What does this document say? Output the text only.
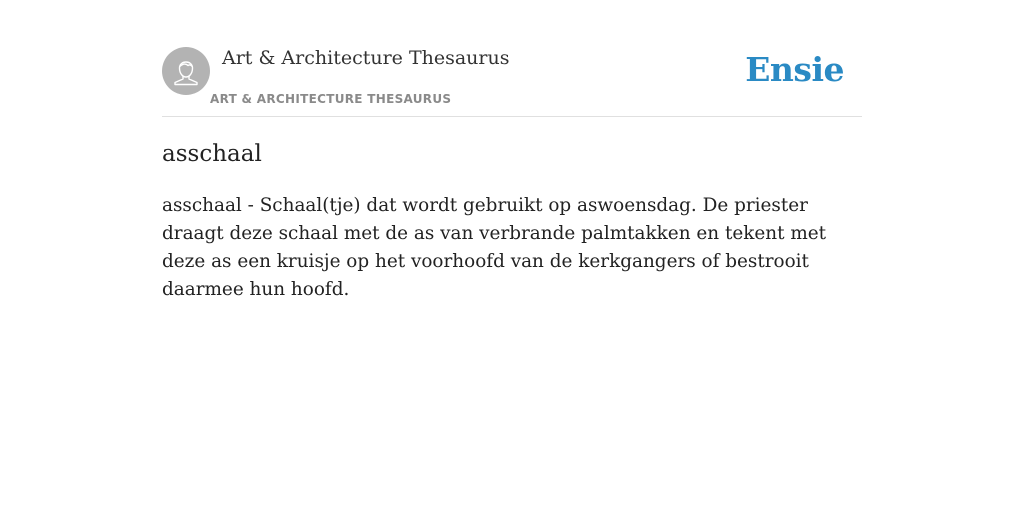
Art & Architecture Thesaurus
ART & ARCHITECTURE THESAURUS
Ensie
asschaal

asschaal - Schaal(tje) dat wordt gebruikt op aswoensdag. De priester draagt deze schaal met de as van verbrande palmtakken en tekent met deze as een kruisje op het voorhoofd van de kerkgangers of bestrooit daarmee hun hoofd.
